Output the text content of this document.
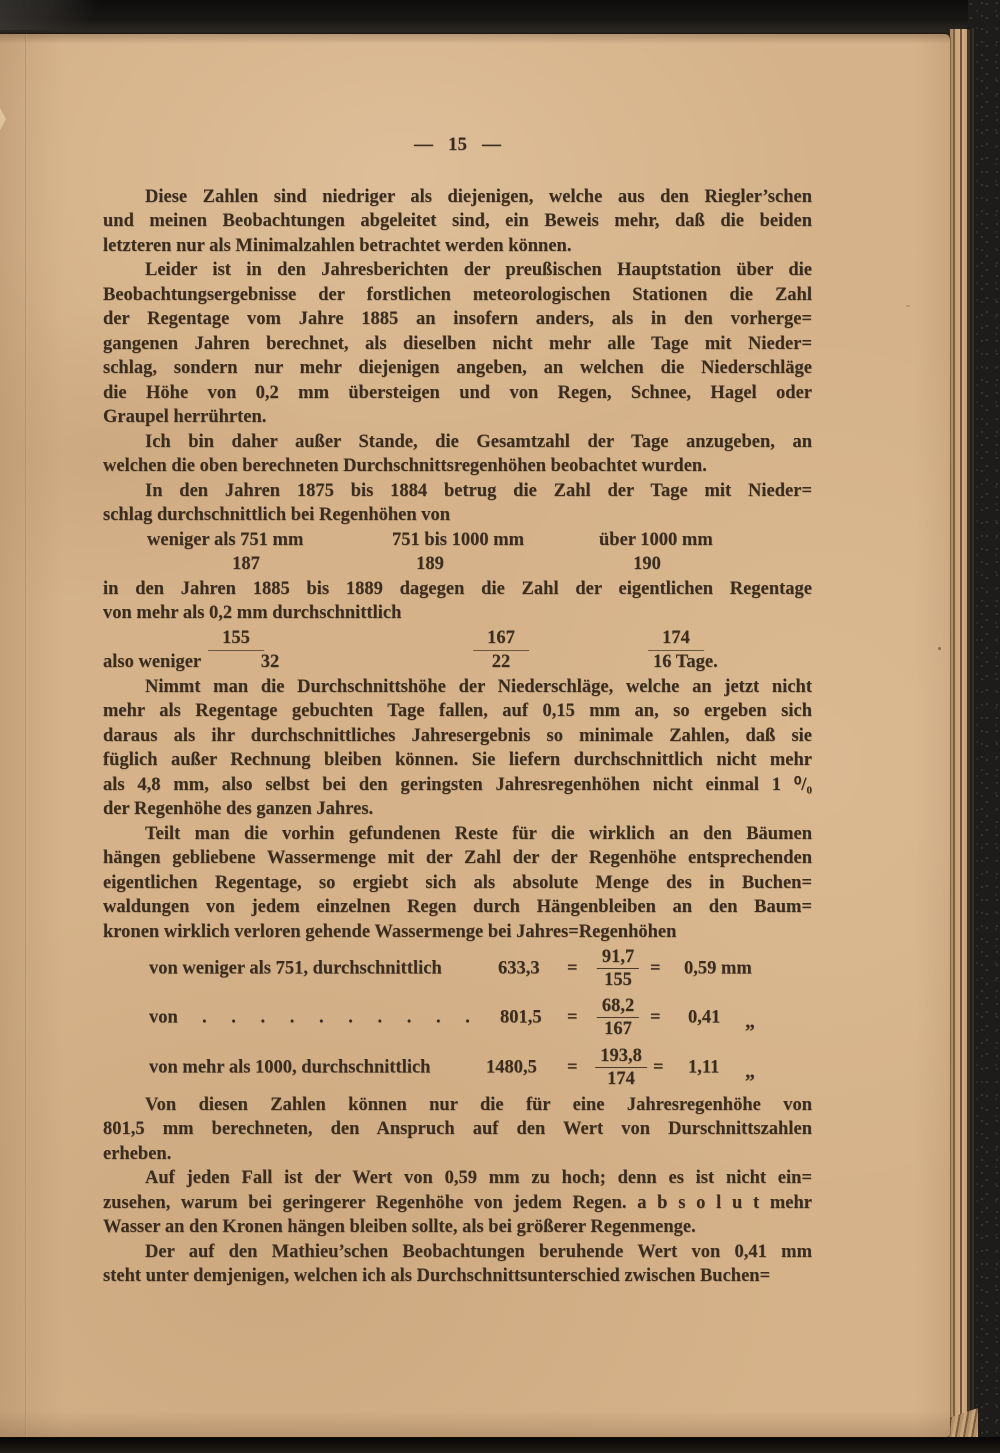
— 15 —
Diese Zahlen sind niedriger als diejenigen, welche aus den Riegler’schen
und meinen Beobachtungen abgeleitet sind, ein Beweis mehr, daß die beiden
letzteren nur als Minimalzahlen betrachtet werden können.
Leider ist in den Jahresberichten der preußischen Hauptstation über die
Beobachtungsergebnisse der forstlichen meteorologischen Stationen die Zahl
der Regentage vom Jahre 1885 an insofern anders, als in den vorherge=
gangenen Jahren berechnet, als dieselben nicht mehr alle Tage mit Nieder=
schlag, sondern nur mehr diejenigen angeben, an welchen die Niederschläge
die Höhe von 0,2 mm übersteigen und von Regen, Schnee, Hagel oder
Graupel herrührten.
Ich bin daher außer Stande, die Gesamtzahl der Tage anzugeben, an
welchen die oben berechneten Durchschnittsregenhöhen beobachtet wurden.
In den Jahren 1875 bis 1884 betrug die Zahl der Tage mit Nieder=
schlag durchschnittlich bei Regenhöhen von
weniger als 751 mm	751 bis 1000 mm	über 1000 mm
187	189	190
in den Jahren 1885 bis 1889 dagegen die Zahl der eigentlichen Regentage
von mehr als 0,2 mm durchschnittlich
155	167	174
also weniger	32	22	16 Tage.
Nimmt man die Durchschnittshöhe der Niederschläge, welche an jetzt nicht
mehr als Regentage gebuchten Tage fallen, auf 0,15 mm an, so ergeben sich
daraus als ihr durchschnittliches Jahresergebnis so minimale Zahlen, daß sie
füglich außer Rechnung bleiben können. Sie liefern durchschnittlich nicht mehr
als 4,8 mm, also selbst bei den geringsten Jahresregenhöhen nicht einmal 1 ⁰/₀
der Regenhöhe des ganzen Jahres.
Teilt man die vorhin gefundenen Reste für die wirklich an den Bäumen
hängen gebliebene Wassermenge mit der Zahl der der Regenhöhe entsprechenden
eigentlichen Regentage, so ergiebt sich als absolute Menge des in Buchen=
waldungen von jedem einzelnen Regen durch Hängenbleiben an den Baum=
kronen wirklich verloren gehende Wassermenge bei Jahres=Regenhöhen
von weniger als 751, durchschnittlich	$633,3 = \frac{91,7}{155} = 0,59$ mm
von . . . . . . . . . . $801,5 = \frac{68,2}{167} = 0,41$ „
von mehr als 1000, durchschnittlich	$1480,5 = \frac{193,8}{174} = 1,11$ „
Von diesen Zahlen können nur die für eine Jahresregenhöhe von
801,5 mm berechneten, den Anspruch auf den Wert von Durschnittszahlen
erheben.
Auf jeden Fall ist der Wert von 0,59 mm zu hoch; denn es ist nicht ein=
zusehen, warum bei geringerer Regenhöhe von jedem Regen. a b s o l u t mehr
Wasser an den Kronen hängen bleiben sollte, als bei größerer Regenmenge.
Der auf den Mathieu’schen Beobachtungen beruhende Wert von 0,41 mm
steht unter demjenigen, welchen ich als Durchschnittsunterschied zwischen Buchen=
